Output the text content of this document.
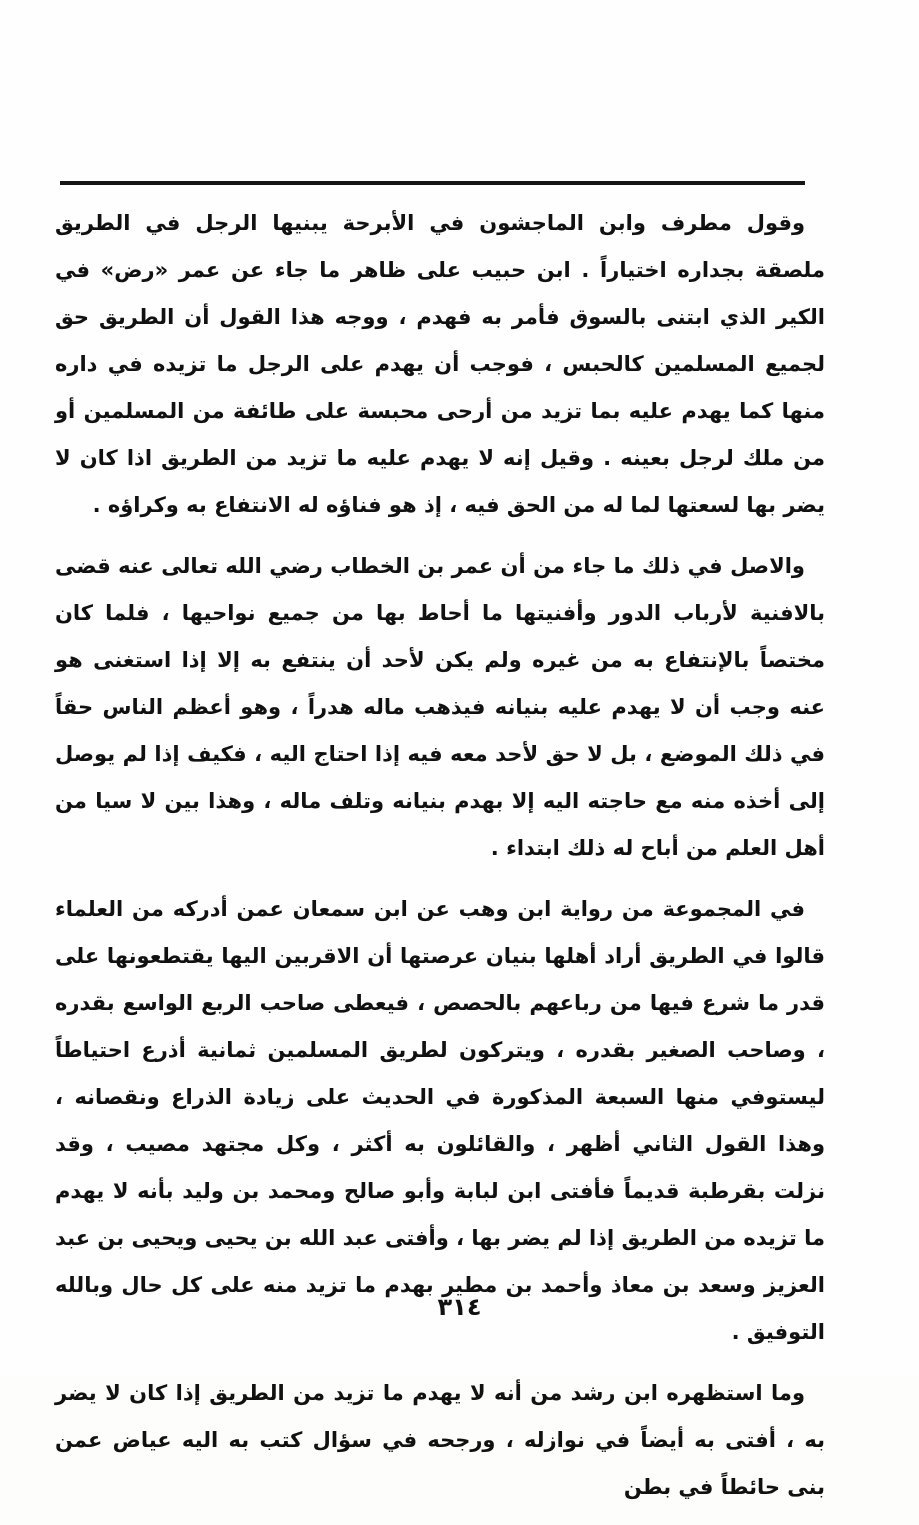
وقول مطرف وابن الماجشون في الأبرحة يبنيها الرجل في الطريق ملصقة بجداره اختياراً . ابن حبيب على ظاهر ما جاء عن عمر «رض» في الكير الذي ابتنى بالسوق فأمر به فهدم ، ووجه هذا القول أن الطريق حق لجميع المسلمين كالحبس ، فوجب أن يهدم على الرجل ما تزيده في داره منها كما يهدم عليه بما تزيد من أرحى محبسة على طائفة من المسلمين أو من ملك لرجل بعينه . وقيل إنه لا يهدم عليه ما تزيد من الطريق اذا كان لا يضر بها لسعتها لما له من الحق فيه ، إذ هو فناؤه له الانتفاع به وكراؤه .

والاصل في ذلك ما جاء من أن عمر بن الخطاب رضي الله تعالى عنه قضى بالافنية لأرباب الدور وأفنيتها ما أحاط بها من جميع نواحيها ، فلما كان مختصاً بالإنتفاع به من غيره ولم يكن لأحد أن ينتفع به إلا إذا استغنى هو عنه وجب أن لا يهدم عليه بنيانه فيذهب ماله هدراً ، وهو أعظم الناس حقاً في ذلك الموضع ، بل لا حق لأحد معه فيه إذا احتاج اليه ، فكيف إذا لم يوصل إلى أخذه منه مع حاجته اليه إلا بهدم بنيانه وتلف ماله ، وهذا بين لا سيا من أهل العلم من أباح له ذلك ابتداء .

في المجموعة من رواية ابن وهب عن ابن سمعان عمن أدركه من العلماء قالوا في الطريق أراد أهلها بنيان عرصتها أن الاقربين اليها يقتطعونها على قدر ما شرع فيها من رباعهم بالحصص ، فيعطى صاحب الربع الواسع بقدره ، وصاحب الصغير بقدره ، ويتركون لطريق المسلمين ثمانية أذرع احتياطاً ليستوفي منها السبعة المذكورة في الحديث على زيادة الذراع ونقصانه ، وهذا القول الثاني أظهر ، والقائلون به أكثر ، وكل مجتهد مصيب ، وقد نزلت بقرطبة قديماً فأفتى ابن لبابة وأبو صالح ومحمد بن وليد بأنه لا يهدم ما تزيده من الطريق إذا لم يضر بها ، وأفتى عبد الله بن يحيى ويحيى بن عبد العزيز وسعد بن معاذ وأحمد بن مطير بهدم ما تزيد منه على كل حال وبالله التوفيق .

وما استظهره ابن رشد من أنه لا يهدم ما تزيد من الطريق إذا كان لا يضر به ، أفتى به أيضاً في نوازله ، ورجحه في سؤال كتب به اليه عياض عمن بنى حائطاً في بطن

٣١٤
